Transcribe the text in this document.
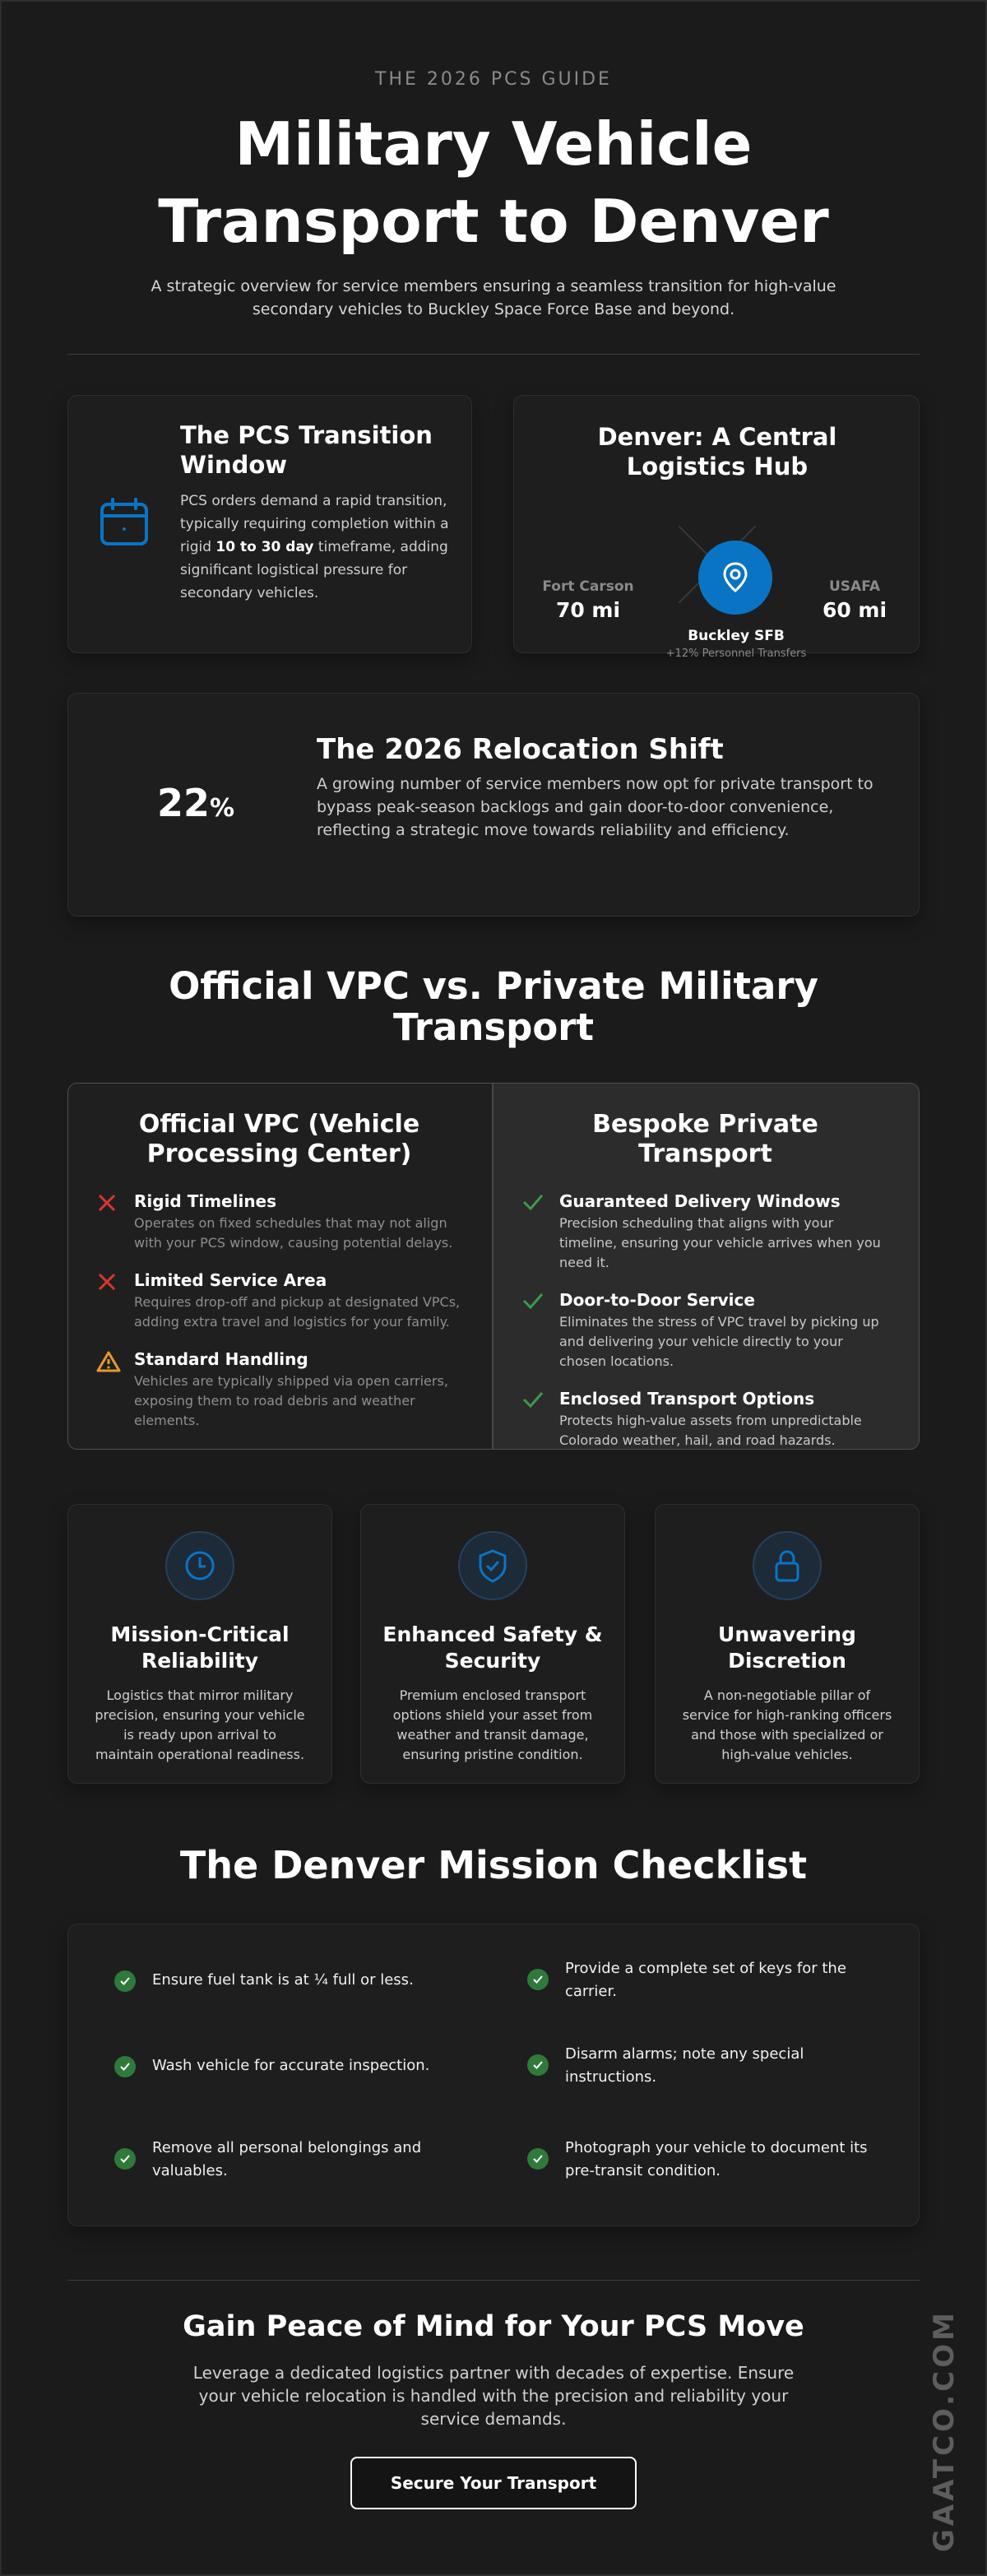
THE 2026 PCS GUIDE
Military Vehicle
Transport to Denver
A strategic overview for service members ensuring a seamless transition for high-value secondary vehicles to Buckley Space Force Base and beyond.
The PCS Transition Window
PCS orders demand a rapid transition, typically requiring completion within a rigid 10 to 30 day timeframe, adding significant logistical pressure for secondary vehicles.
Denver: A Central Logistics Hub
Fort Carson
70 mi
USAFA
60 mi
Buckley SFB
+12% Personnel Transfers
22%
The 2026 Relocation Shift
A growing number of service members now opt for private transport to bypass peak-season backlogs and gain door-to-door convenience, reflecting a strategic move towards reliability and efficiency.
Official VPC vs. Private Military Transport
Official VPC (Vehicle Processing Center)
Rigid Timelines
Operates on fixed schedules that may not align with your PCS window, causing potential delays.
Limited Service Area
Requires drop-off and pickup at designated VPCs, adding extra travel and logistics for your family.
Standard Handling
Vehicles are typically shipped via open carriers, exposing them to road debris and weather elements.
Bespoke Private Transport
Guaranteed Delivery Windows
Precision scheduling that aligns with your timeline, ensuring your vehicle arrives when you need it.
Door-to-Door Service
Eliminates the stress of VPC travel by picking up and delivering your vehicle directly to your chosen locations.
Enclosed Transport Options
Protects high-value assets from unpredictable Colorado weather, hail, and road hazards.
Mission-Critical Reliability
Logistics that mirror military precision, ensuring your vehicle is ready upon arrival to maintain operational readiness.
Enhanced Safety & Security
Premium enclosed transport options shield your asset from weather and transit damage, ensuring pristine condition.
Unwavering Discretion
A non-negotiable pillar of service for high-ranking officers and those with specialized or high-value vehicles.
The Denver Mission Checklist
Ensure fuel tank is at ¼ full or less.
Provide a complete set of keys for the carrier.
Wash vehicle for accurate inspection.
Disarm alarms; note any special instructions.
Remove all personal belongings and valuables.
Photograph your vehicle to document its pre-transit condition.
Gain Peace of Mind for Your PCS Move
Leverage a dedicated logistics partner with decades of expertise. Ensure your vehicle relocation is handled with the precision and reliability your service demands.
Secure Your Transport	GAATCO.COM
